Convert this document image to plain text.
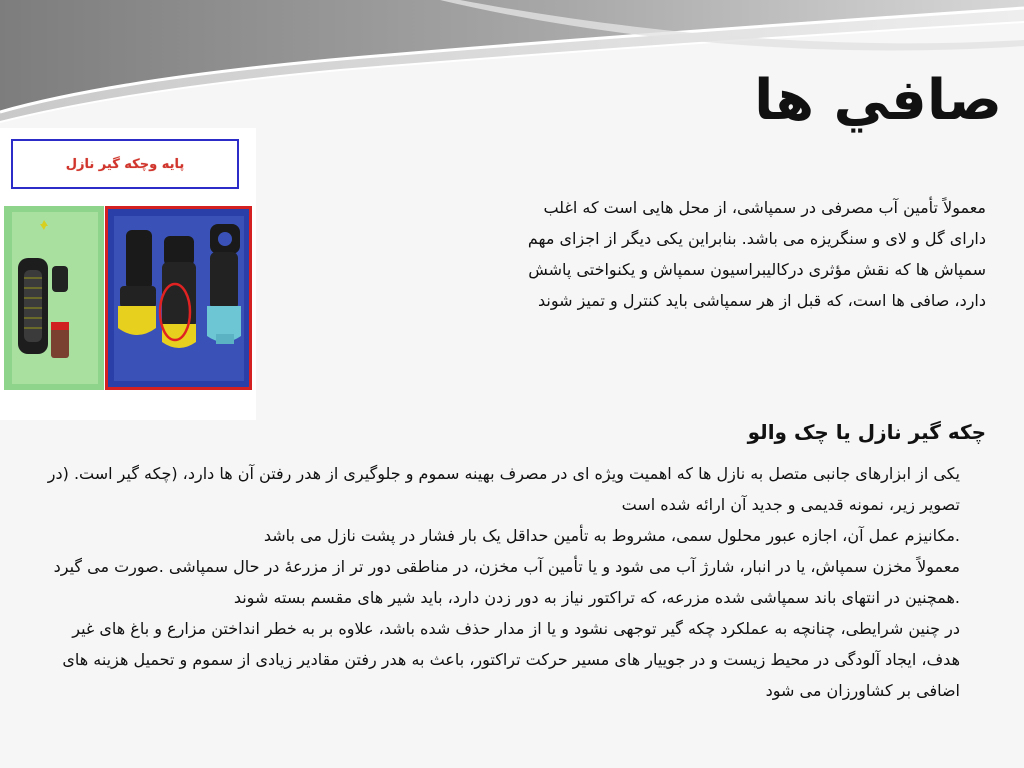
صافي ها
پایه وچکه گیر نازل

معمولاً تأمین آب مصرفی در سمپاشی، از محل هایی است که اغلب دارای گل و لای و سنگریزه می باشد. بنابراین یکی دیگر از اجزای مهم سمپاش ها که نقش مؤثری درکالیبراسیون سمپاش و یکنواختی پاشش دارد، صافی ها است، که قبل از هر سمپاشی باید کنترل و تمیز شوند

چکه گیر نازل یا چک والو

یکی از ابزارهای جانبی متصل به نازل ها که اهمیت ویژه ای در مصرف بهینه سموم و جلوگیری از هدر رفتن آن ها دارد، (چکه گیر است. (در تصویر زیر، نمونه قدیمی و جدید آن ارائه شده است

.مکانیزم عمل آن، اجازه عبور محلول سمی، مشروط به تأمین حداقل یک بار فشار در پشت نازل می باشد

معمولاً مخزن سمپاش، یا در انبار، شارژ آب می شود و یا تأمین آب مخزن، در مناطقی دور تر از مزرعهٔ در حال سمپاشی .صورت می گیرد

.همچنین در انتهای باند سمپاشی شده مزرعه، که تراکتور نیاز به دور زدن دارد، باید شیر های مقسم بسته شوند

در چنین شرایطی، چنانچه به عملکرد چکه گیر توجهی نشود و یا از مدار حذف شده باشد، علاوه بر به خطر انداختن مزارع و باغ های غیر هدف، ایجاد آلودگی در محیط زیست و در جوییار های مسیر حرکت تراکتور، باعث به هدر رفتن مقادیر زیادی از سموم و تحمیل هزینه های اضافی بر کشاورزان می شود
